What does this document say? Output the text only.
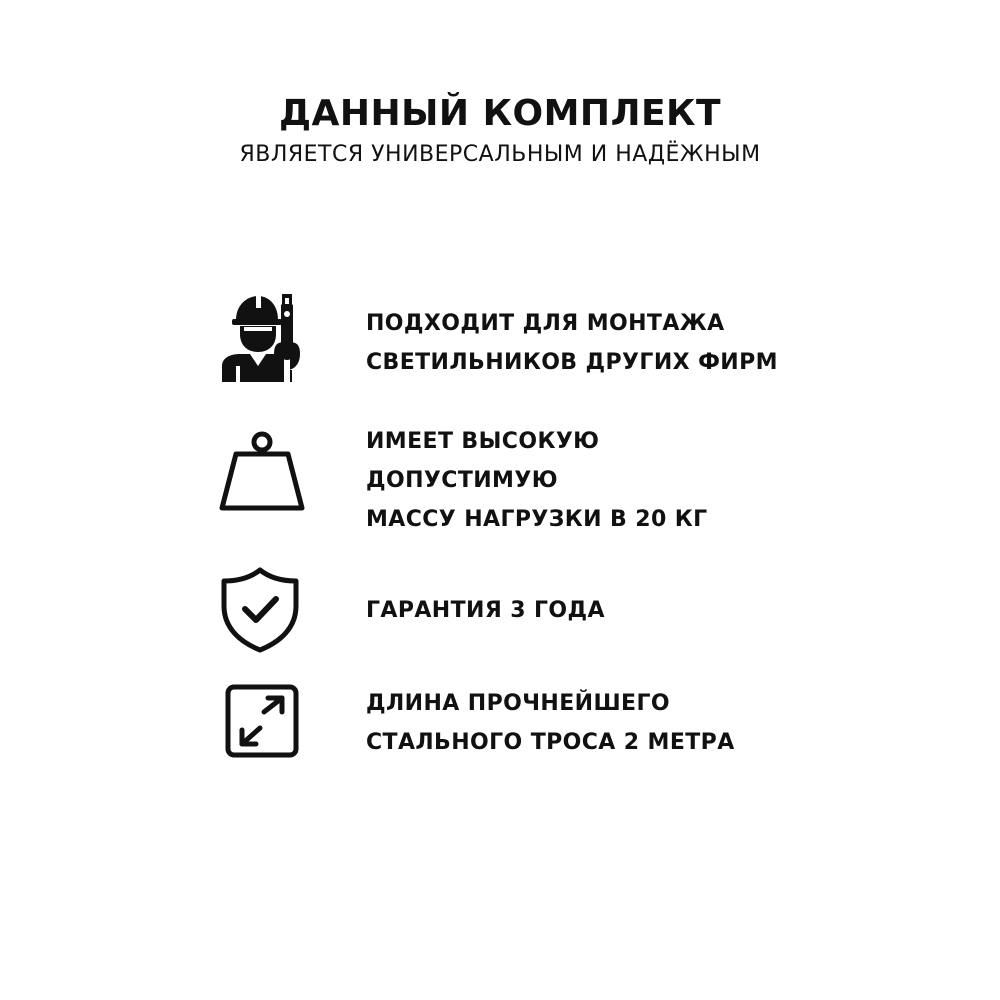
ДАННЫЙ КОМПЛЕКТ

ЯВЛЯЕТСЯ УНИВЕРСАЛЬНЫМ И НАДЁЖНЫМ

ПОДХОДИТ ДЛЯ МОНТАЖА
СВЕТИЛЬНИКОВ ДРУГИХ ФИРМ
ИМЕЕТ ВЫСОКУЮ
ДОПУСТИМУЮ
МАССУ НАГРУЗКИ В 20 КГ
ГАРАНТИЯ 3 ГОДА
ДЛИНА ПРОЧНЕЙШЕГО
СТАЛЬНОГО ТРОСА 2 МЕТРА
